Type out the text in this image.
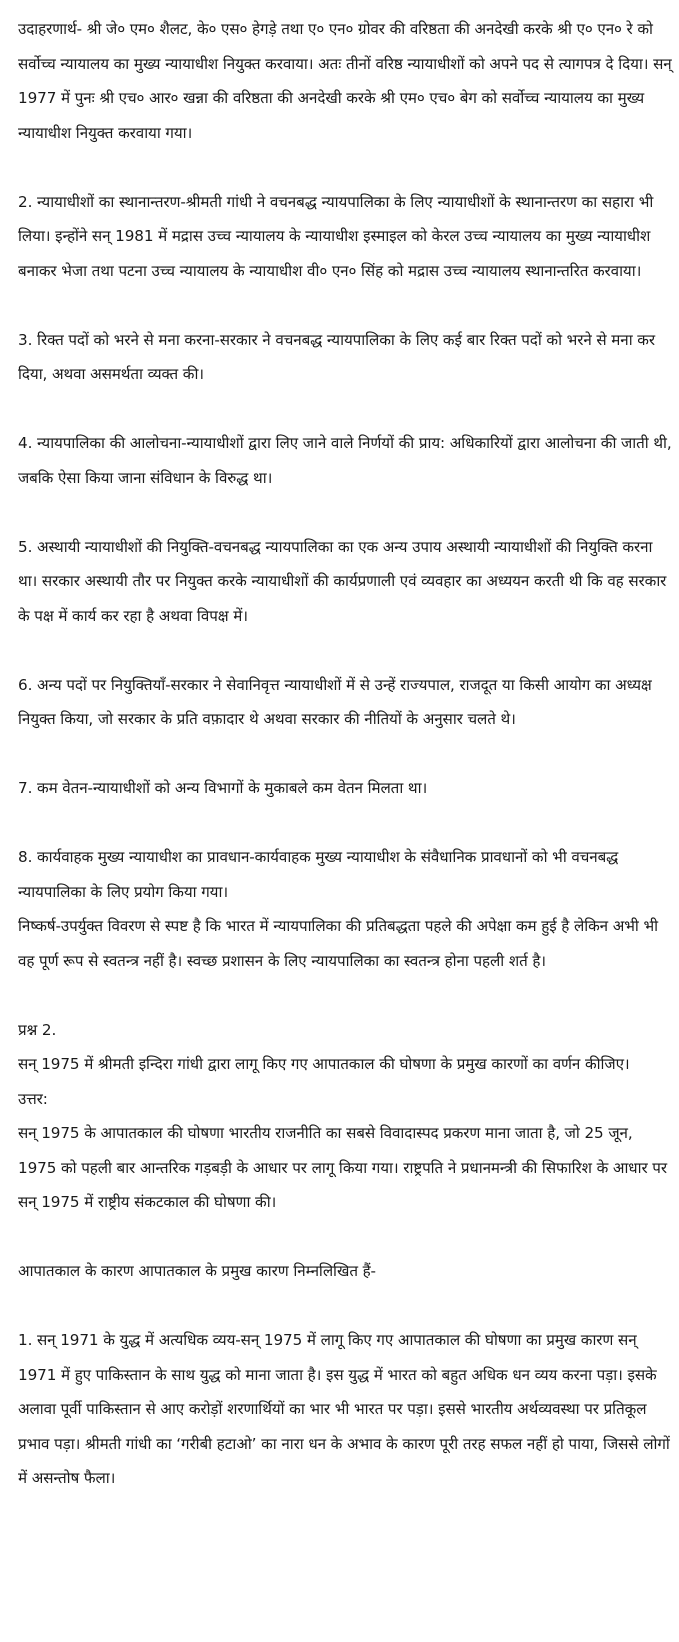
उदाहरणार्थ- श्री जे० एम० शैलट, के० एस० हेगड़े तथा ए० एन० ग्रोवर की वरिष्ठता की अनदेखी करके श्री ए० एन० रे को सर्वोच्च न्यायालय का मुख्य न्यायाधीश नियुक्त करवाया। अतः तीनों वरिष्ठ न्यायाधीशों को अपने पद से त्यागपत्र दे दिया। सन् 1977 में पुनः श्री एच० आर० खन्ना की वरिष्ठता की अनदेखी करके श्री एम० एच० बेग को सर्वोच्च न्यायालय का मुख्य न्यायाधीश नियुक्त करवाया गया।

2. न्यायाधीशों का स्थानान्तरण-श्रीमती गांधी ने वचनबद्ध न्यायपालिका के लिए न्यायाधीशों के स्थानान्तरण का सहारा भी लिया। इन्होंने सन् 1981 में मद्रास उच्च न्यायालय के न्यायाधीश इस्माइल को केरल उच्च न्यायालय का मुख्य न्यायाधीश बनाकर भेजा तथा पटना उच्च न्यायालय के न्यायाधीश वी० एन० सिंह को मद्रास उच्च न्यायालय स्थानान्तरित करवाया।

3. रिक्त पदों को भरने से मना करना-सरकार ने वचनबद्ध न्यायपालिका के लिए कई बार रिक्त पदों को भरने से मना कर दिया, अथवा असमर्थता व्यक्त की।

4. न्यायपालिका की आलोचना-न्यायाधीशों द्वारा लिए जाने वाले निर्णयों की प्राय: अधिकारियों द्वारा आलोचना की जाती थी, जबकि ऐसा किया जाना संविधान के विरुद्ध था।

5. अस्थायी न्यायाधीशों की नियुक्ति-वचनबद्ध न्यायपालिका का एक अन्य उपाय अस्थायी न्यायाधीशों की नियुक्ति करना था। सरकार अस्थायी तौर पर नियुक्त करके न्यायाधीशों की कार्यप्रणाली एवं व्यवहार का अध्ययन करती थी कि वह सरकार के पक्ष में कार्य कर रहा है अथवा विपक्ष में।

6. अन्य पदों पर नियुक्तियाँ-सरकार ने सेवानिवृत्त न्यायाधीशों में से उन्हें राज्यपाल, राजदूत या किसी आयोग का अध्यक्ष नियुक्त किया, जो सरकार के प्रति वफ़ादार थे अथवा सरकार की नीतियों के अनुसार चलते थे।

7. कम वेतन-न्यायाधीशों को अन्य विभागों के मुकाबले कम वेतन मिलता था।

8. कार्यवाहक मुख्य न्यायाधीश का प्रावधान-कार्यवाहक मुख्य न्यायाधीश के संवैधानिक प्रावधानों को भी वचनबद्ध न्यायपालिका के लिए प्रयोग किया गया।

निष्कर्ष-उपर्युक्त विवरण से स्पष्ट है कि भारत में न्यायपालिका की प्रतिबद्धता पहले की अपेक्षा कम हुई है लेकिन अभी भी वह पूर्ण रूप से स्वतन्त्र नहीं है। स्वच्छ प्रशासन के लिए न्यायपालिका का स्वतन्त्र होना पहली शर्त है।

प्रश्न 2.

सन् 1975 में श्रीमती इन्दिरा गांधी द्वारा लागू किए गए आपातकाल की घोषणा के प्रमुख कारणों का वर्णन कीजिए।

उत्तर:

सन् 1975 के आपातकाल की घोषणा भारतीय राजनीति का सबसे विवादास्पद प्रकरण माना जाता है, जो 25 जून, 1975 को पहली बार आन्तरिक गड़बड़ी के आधार पर लागू किया गया। राष्ट्रपति ने प्रधानमन्त्री की सिफारिश के आधार पर सन् 1975 में राष्ट्रीय संकटकाल की घोषणा की।

आपातकाल के कारण आपातकाल के प्रमुख कारण निम्नलिखित हैं-

1. सन् 1971 के युद्ध में अत्यधिक व्यय-सन् 1975 में लागू किए गए आपातकाल की घोषणा का प्रमुख कारण सन् 1971 में हुए पाकिस्तान के साथ युद्ध को माना जाता है। इस युद्ध में भारत को बहुत अधिक धन व्यय करना पड़ा। इसके अलावा पूर्वी पाकिस्तान से आए करोड़ों शरणार्थियों का भार भी भारत पर पड़ा। इससे भारतीय अर्थव्यवस्था पर प्रतिकूल प्रभाव पड़ा। श्रीमती गांधी का ‘गरीबी हटाओ’ का नारा धन के अभाव के कारण पूरी तरह सफल नहीं हो पाया, जिससे लोगों में असन्तोष फैला।
